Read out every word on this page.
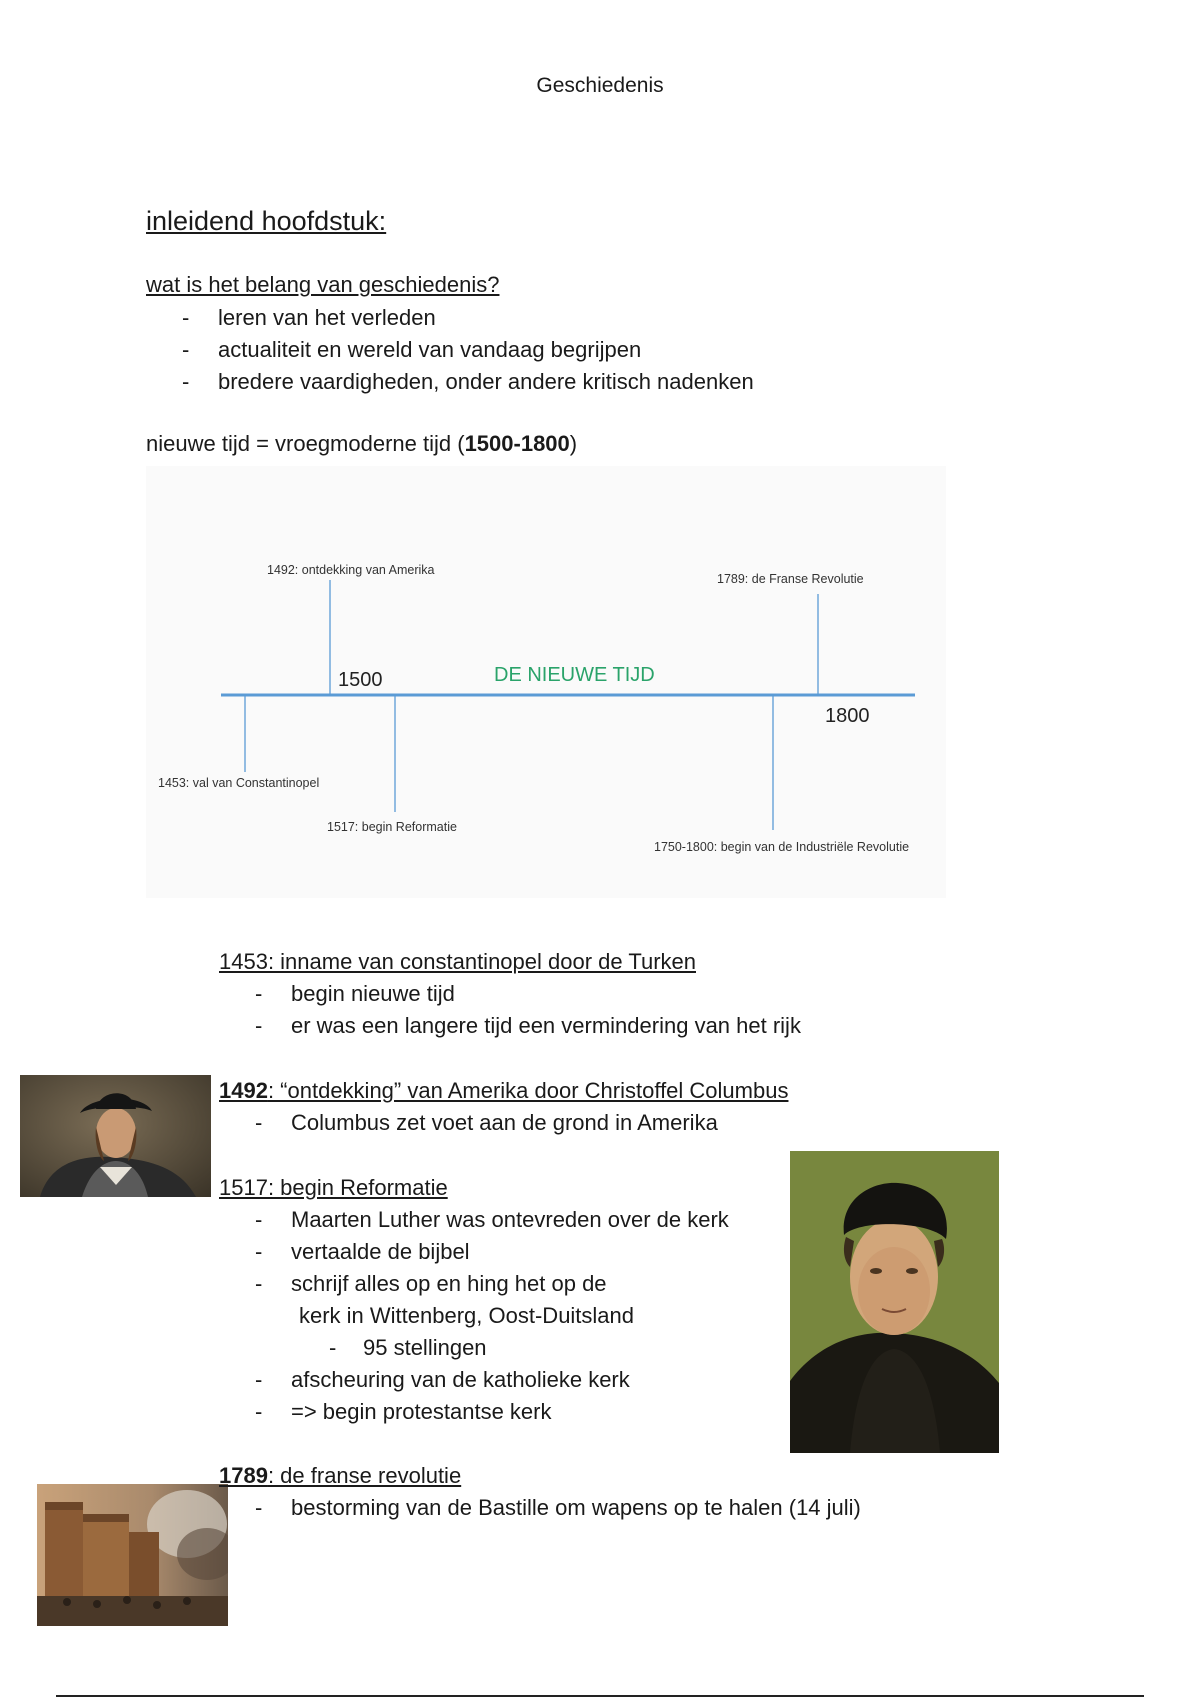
Geschiedenis
inleidend hoofdstuk:
wat is het belang van geschiedenis?
- leren van het verleden
- actualiteit en wereld van vandaag begrijpen
- bredere vaardigheden, onder andere kritisch nadenken
nieuwe tijd = vroegmoderne tijd (1500-1800)
1492: ontdekking van Amerika
1789: de Franse Revolutie
1453: val van Constantinopel
1517: begin Reformatie
1750-1800: begin van de Industriële Revolutie
1500
1800
DE NIEUWE TIJD
1453: inname van constantinopel door de Turken
- begin nieuwe tijd
- er was een langere tijd een vermindering van het rijk
1492: “ontdekking” van Amerika door Christoffel Columbus
- Columbus zet voet aan de grond in Amerika
1517: begin Reformatie
- Maarten Luther was ontevreden over de kerk
- vertaalde de bijbel
- schrijf alles op en hing het op de
kerk in Wittenberg, Oost-Duitsland
- 95 stellingen
- afscheuring van de katholieke kerk
- => begin protestantse kerk
1789: de franse revolutie
- bestorming van de Bastille om wapens op te halen (14 juli)
